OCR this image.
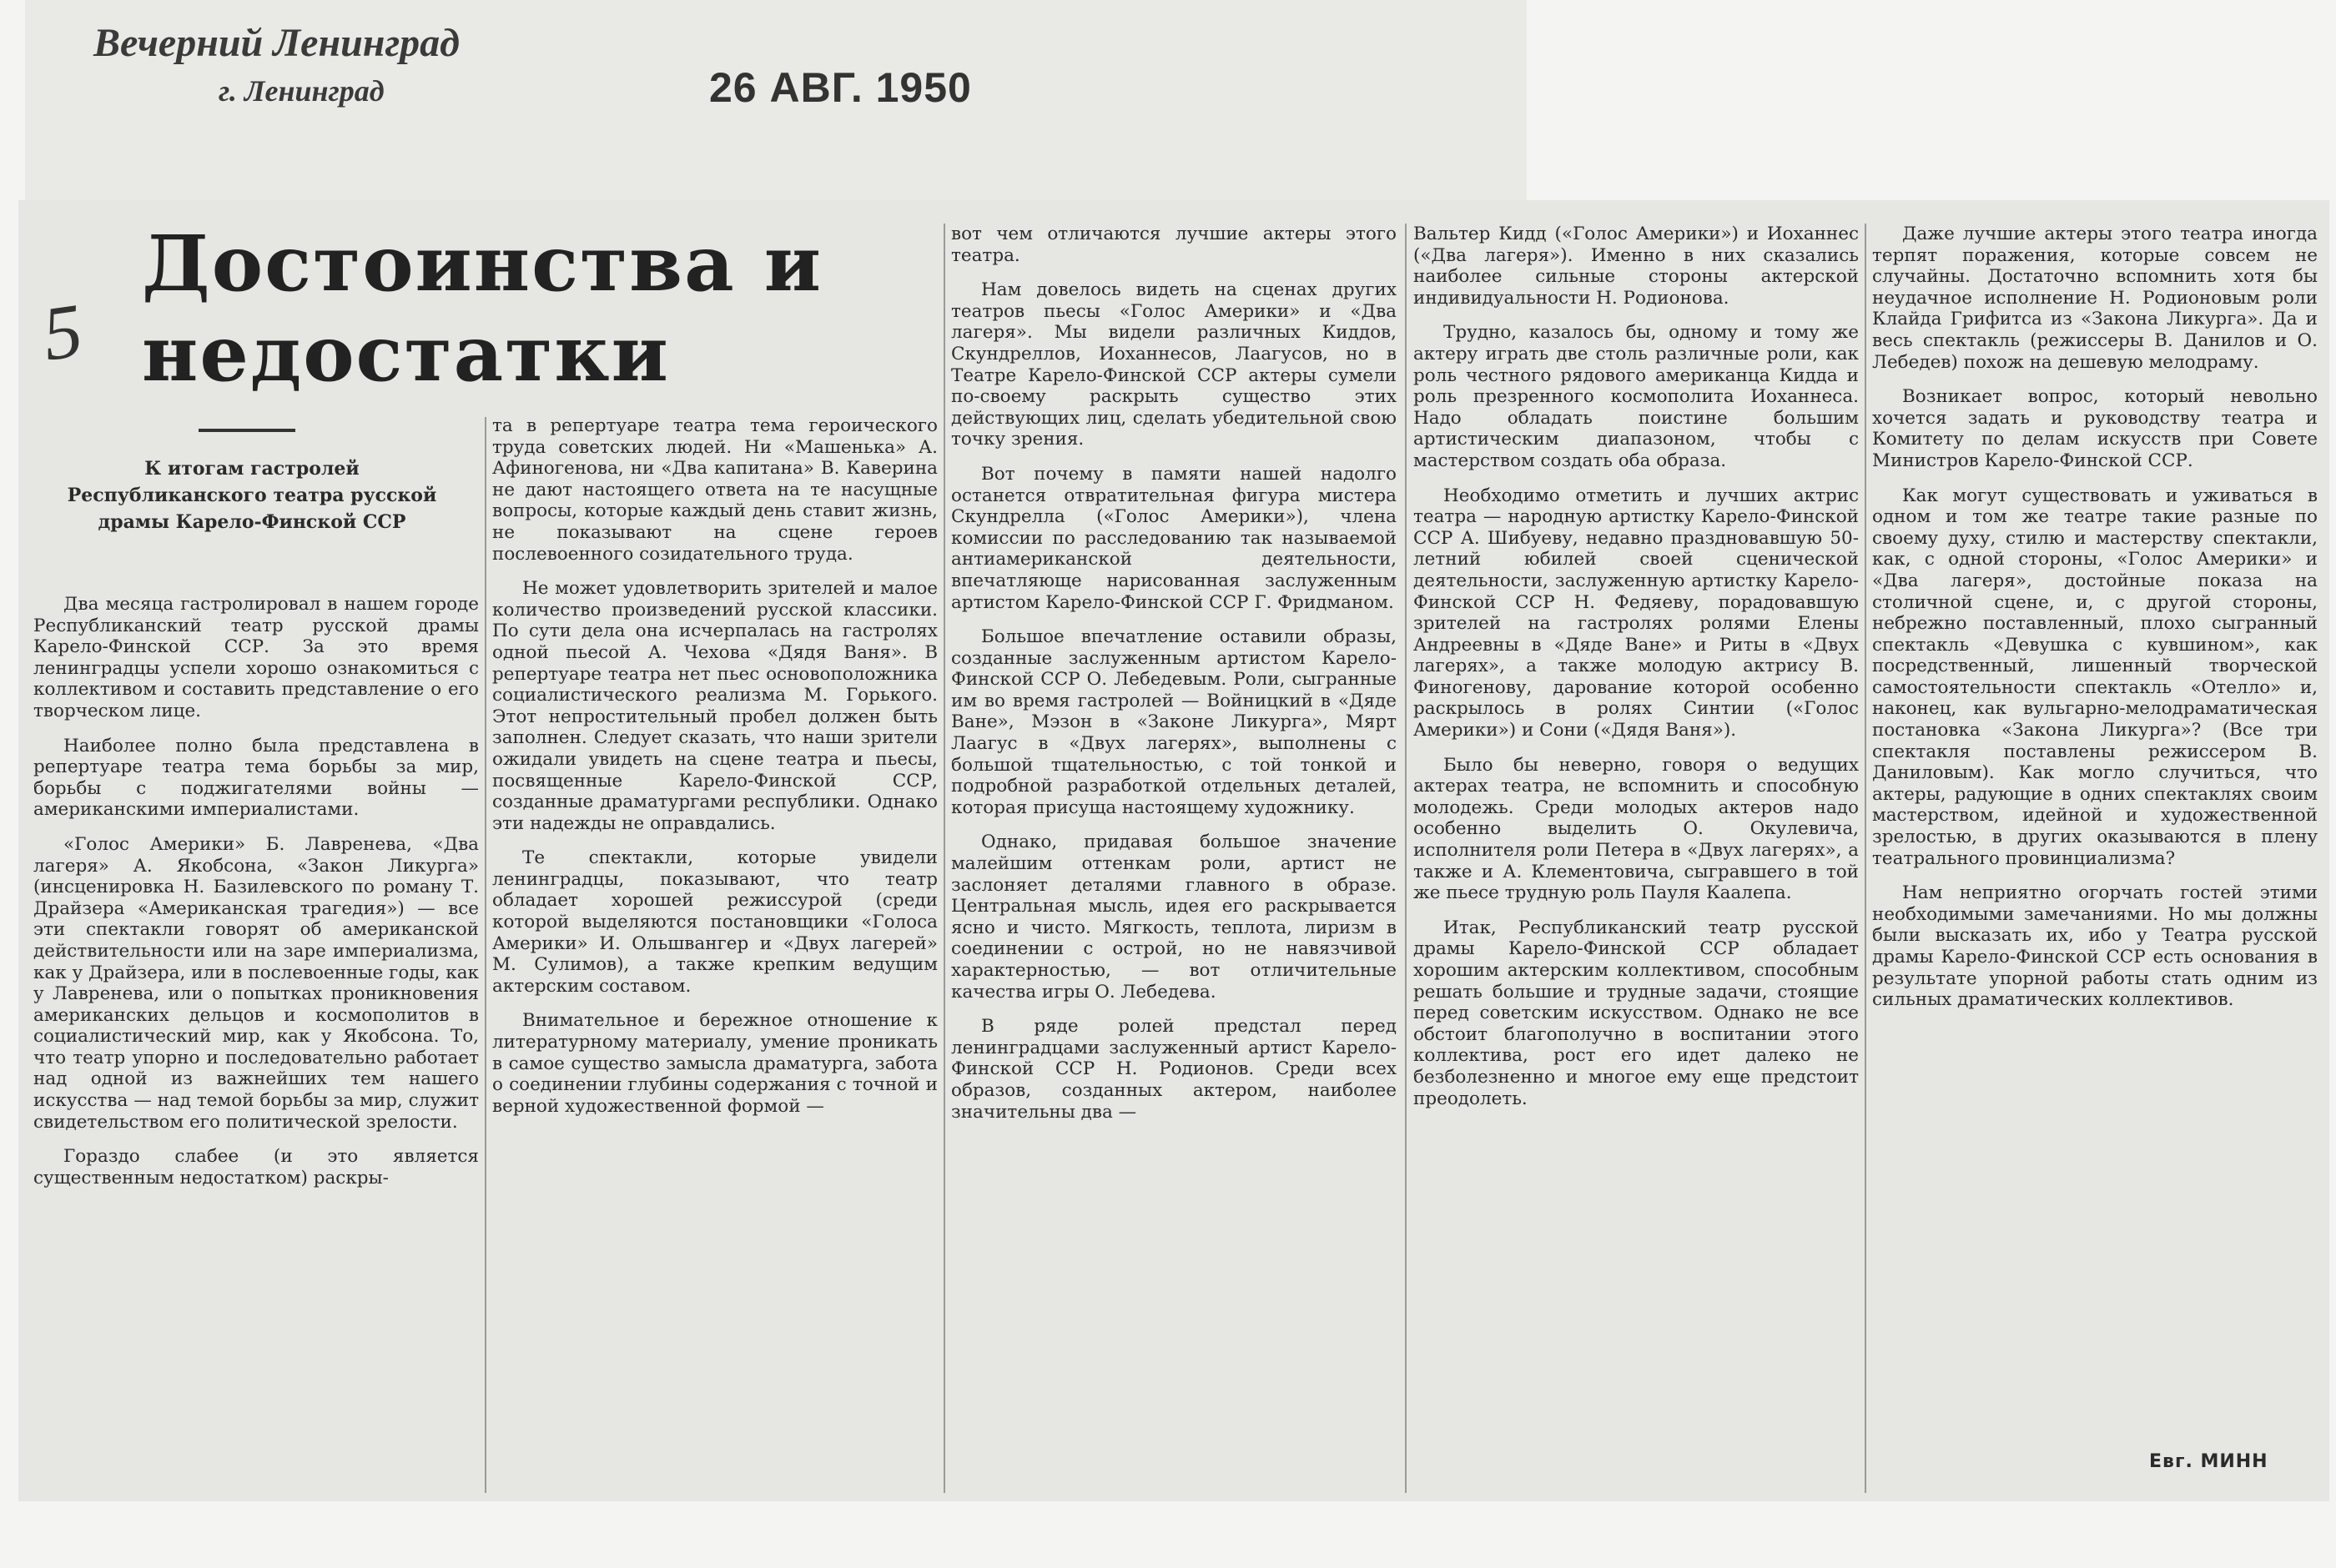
Вечерний Ленинград

г. Ленинград	26 АВГ. 1950

5
Достоинства и недостатки

К итогам гастролей Республиканского театра русской драмы Карело-Финской ССР

Два месяца гастролировал в нашем городе Республиканский театр русской драмы Карело-Финской ССР. За это время ленинградцы успели хорошо ознакомиться с коллективом и составить представление о его творческом лице.

Наиболее полно была представлена в репертуаре театра тема борьбы за мир, борьбы с поджигателями войны — американскими империалистами.

«Голос Америки» Б. Лавренева, «Два лагеря» А. Якобсона, «Закон Ликурга» (инсценировка Н. Базилевского по роману Т. Драйзера «Американская трагедия») — все эти спектакли говорят об американской действительности или на заре империализма, как у Драйзера, или в послевоенные годы, как у Лавренева, или о попытках проникновения американских дельцов и космополитов в социалистический мир, как у Якобсона. То, что театр упорно и последовательно работает над одной из важнейших тем нашего искусства — над темой борьбы за мир, служит свидетельством его политической зрелости.

Гораздо слабее (и это является существенным недостатком) раскры-

та в репертуаре театра тема героического труда советских людей. Ни «Машенька» А. Афиногенова, ни «Два капитана» В. Каверина не дают настоящего ответа на те насущные вопросы, которые каждый день ставит жизнь, не показывают на сцене героев послевоенного созидательного труда.

Не может удовлетворить зрителей и малое количество произведений русской классики. По сути дела она исчерпалась на гастролях одной пьесой А. Чехова «Дядя Ваня». В репертуаре театра нет пьес основоположника социалистического реализма М. Горького. Этот непростительный пробел должен быть заполнен. Следует сказать, что наши зрители ожидали увидеть на сцене театра и пьесы, посвященные Карело-Финской ССР, созданные драматургами республики. Однако эти надежды не оправдались.

Те спектакли, которые увидели ленинградцы, показывают, что театр обладает хорошей режиссурой (среди которой выделяются постановщики «Голоса Америки» И. Ольшвангер и «Двух лагерей» М. Сулимов), а также крепким ведущим актерским составом.

Внимательное и бережное отношение к литературному материалу, умение проникать в самое существо замысла драматурга, забота о соединении глубины содержания с точной и верной художественной формой —

вот чем отличаются лучшие актеры этого театра.

Нам довелось видеть на сценах других театров пьесы «Голос Америки» и «Два лагеря». Мы видели различных Киддов, Скундреллов, Иоханнесов, Лаагусов, но в Театре Карело-Финской ССР актеры сумели по-своему раскрыть существо этих действующих лиц, сделать убедительной свою точку зрения.

Вот почему в памяти нашей надолго останется отвратительная фигура мистера Скундрелла («Голос Америки»), члена комиссии по расследованию так называемой антиамериканской деятельности, впечатляюще нарисованная заслуженным артистом Карело-Финской ССР Г. Фридманом.

Большое впечатление оставили образы, созданные заслуженным артистом Карело-Финской ССР О. Лебедевым. Роли, сыгранные им во время гастролей — Войницкий в «Дяде Ване», Мэзон в «Законе Ликурга», Мярт Лаагус в «Двух лагерях», выполнены с большой тщательностью, с той тонкой и подробной разработкой отдельных деталей, которая присуща настоящему художнику.

Однако, придавая большое значение малейшим оттенкам роли, артист не заслоняет деталями главного в образе. Центральная мысль, идея его раскрывается ясно и чисто. Мягкость, теплота, лиризм в соединении с острой, но не навязчивой характерностью, — вот отличительные качества игры О. Лебедева.

В ряде ролей предстал перед ленинградцами заслуженный артист Карело-Финской ССР Н. Родионов. Среди всех образов, созданных актером, наиболее значительны два —

Вальтер Кидд («Голос Америки») и Иоханнес («Два лагеря»). Именно в них сказались наиболее сильные стороны актерской индивидуальности Н. Родионова.

Трудно, казалось бы, одному и тому же актеру играть две столь различные роли, как роль честного рядового американца Кидда и роль презренного космополита Иоханнеса. Надо обладать поистине большим артистическим диапазоном, чтобы с мастерством создать оба образа.

Необходимо отметить и лучших актрис театра — народную артистку Карело-Финской ССР А. Шибуеву, недавно праздновавшую 50-летний юбилей своей сценической деятельности, заслуженную артистку Карело-Финской ССР Н. Федяеву, порадовавшую зрителей на гастролях ролями Елены Андреевны в «Дяде Ване» и Риты в «Двух лагерях», а также молодую актрису В. Финогенову, дарование которой особенно раскрылось в ролях Синтии («Голос Америки») и Сони («Дядя Ваня»).

Было бы неверно, говоря о ведущих актерах театра, не вспомнить и способную молодежь. Среди молодых актеров надо особенно выделить О. Окулевича, исполнителя роли Петера в «Двух лагерях», а также и А. Клементовича, сыгравшего в той же пьесе трудную роль Пауля Каалепа.

Итак, Республиканский театр русской драмы Карело-Финской ССР обладает хорошим актерским коллективом, способным решать большие и трудные задачи, стоящие перед советским искусством. Однако не все обстоит благополучно в воспитании этого коллектива, рост его идет далеко не безболезненно и многое ему еще предстоит преодолеть.

Даже лучшие актеры этого театра иногда терпят поражения, которые совсем не случайны. Достаточно вспомнить хотя бы неудачное исполнение Н. Родионовым роли Клайда Грифитса из «Закона Ликурга». Да и весь спектакль (режиссеры В. Данилов и О. Лебедев) похож на дешевую мелодраму.

Возникает вопрос, который невольно хочется задать и руководству театра и Комитету по делам искусств при Совете Министров Карело-Финской ССР.

Как могут существовать и уживаться в одном и том же театре такие разные по своему духу, стилю и мастерству спектакли, как, с одной стороны, «Голос Америки» и «Два лагеря», достойные показа на столичной сцене, и, с другой стороны, небрежно поставленный, плохо сыгранный спектакль «Девушка с кувшином», как посредственный, лишенный творческой самостоятельности спектакль «Отелло» и, наконец, как вульгарно-мелодраматическая постановка «Закона Ликурга»? (Все три спектакля поставлены режиссером В. Даниловым). Как могло случиться, что актеры, радующие в одних спектаклях своим мастерством, идейной и художественной зрелостью, в других оказываются в плену театрального провинциализма?

Нам неприятно огорчать гостей этими необходимыми замечаниями. Но мы должны были высказать их, ибо у Театра русской драмы Карело-Финской ССР есть основания в результате упорной работы стать одним из сильных драматических коллективов.

Евг. МИНН
